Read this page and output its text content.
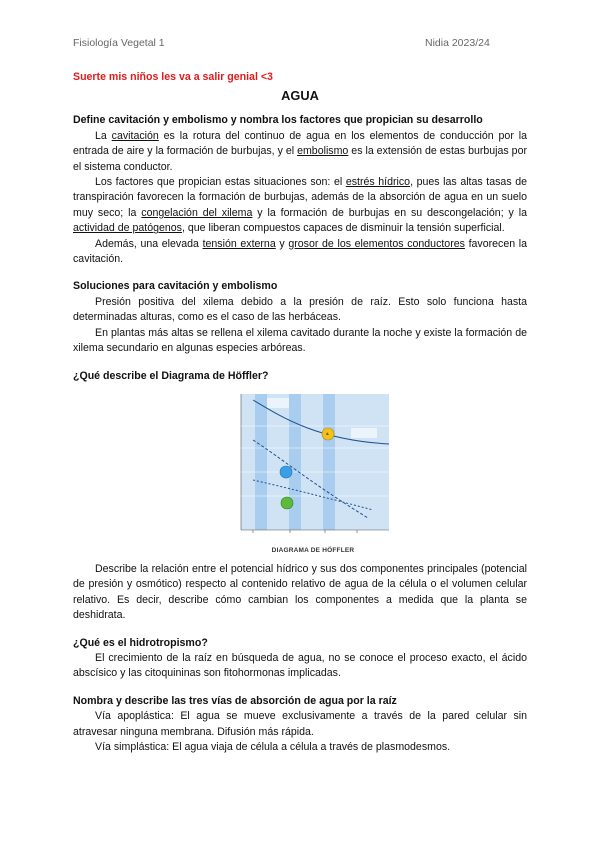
Fisiología Vegetal 1	Nidia 2023/24

Suerte mis niños les va a salir genial <3

AGUA
Define cavitación y embolismo y nombra los factores que propician su desarrollo

La cavitación es la rotura del continuo de agua en los elementos de conducción por la entrada de aire y la formación de burbujas, y el embolismo es la extensión de estas burbujas por el sistema conductor.

Los factores que propician estas situaciones son: el estrés hídrico, pues las altas tasas de transpiración favorecen la formación de burbujas, además de la absorción de agua en un suelo muy seco; la congelación del xilema y la formación de burbujas en su descongelación; y la actividad de patógenos, que liberan compuestos capaces de disminuir la tensión superficial.

Además, una elevada tensión externa y grosor de los elementos conductores favorecen la cavitación.

Soluciones para cavitación y embolismo

Presión positiva del xilema debido a la presión de raíz. Esto solo funciona hasta determinadas alturas, como es el caso de las herbáceas.

En plantas más altas se rellena el xilema cavitado durante la noche y existe la formación de xilema secundario en algunas especies arbóreas.

¿Qué describe el Diagrama de Höffler?
DIAGRAMA DE HÖFFLER

Describe la relación entre el potencial hídrico y sus dos componentes principales (potencial de presión y osmótico) respecto al contenido relativo de agua de la célula o el volumen celular relativo. Es decir, describe cómo cambian los componentes a medida que la planta se deshidrata.

¿Qué es el hidrotropismo?

El crecimiento de la raíz en búsqueda de agua, no se conoce el proceso exacto, el ácido abscísico y las citoquininas son fitohormonas implicadas.

Nombra y describe las tres vías de absorción de agua por la raíz

Vía apoplástica: El agua se mueve exclusivamente a través de la pared celular sin atravesar ninguna membrana. Difusión más rápida.

Vía simplástica: El agua viaja de célula a célula a través de plasmodesmos.
